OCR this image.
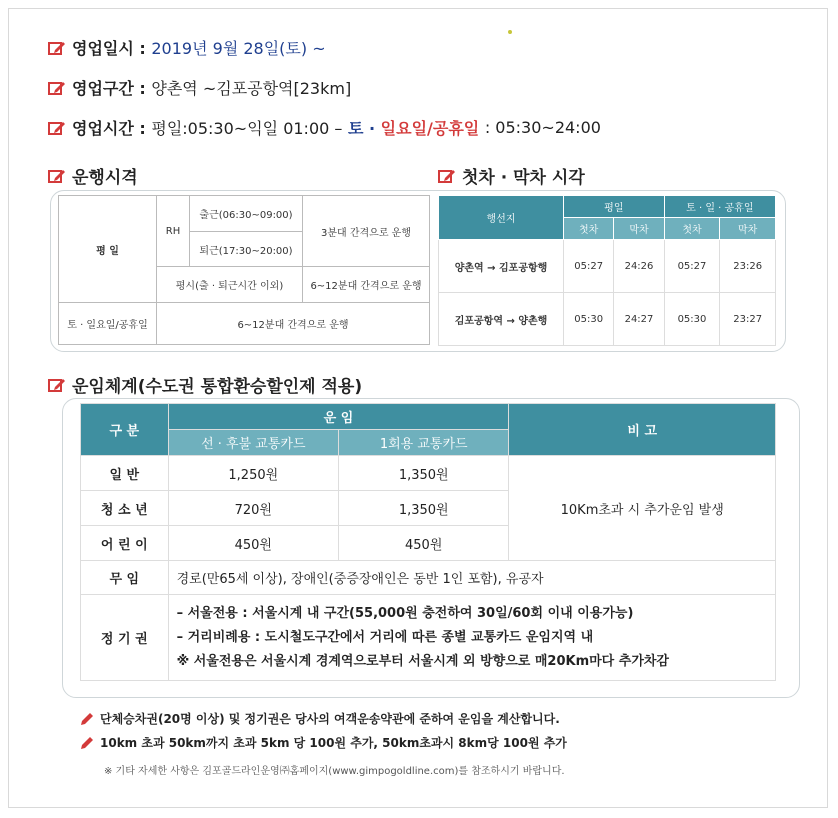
영업일시 :
2019년 9월 28일(토) ~
영업구간 :
양촌역 ~김포공항역[23km]
영업시간 :
평일:05:30~익일 01:00 –
토 ·
일요일/공휴일
: 05:30~24:00
운행시격	첫차 · 막차 시각
평 일	RH	출근(06:30~09:00)	3분대 간격으로 운행
		퇴근(17:30~20:00)	
	평시(출 · 퇴근시간 이외)		6~12분대 간격으로 운행
토 · 일요일/공휴일	6~12분대 간격으로 운행		
행선지	평일		토 · 일 · 공휴일	
	첫차	막차	첫차	막차
양촌역 → 김포공항행	05:27	24:26	05:27	23:26
김포공항역 → 양촌행	05:30	24:27	05:30	23:27
운임체계(수도권 통합환승할인제 적용)
구 분	운 임		비 고
	선 · 후불 교통카드	1회용 교통카드	
일 반	1,250원	1,350원	10Km초과 시 추가운임 발생
청 소 년	720원	1,350원	
어 린 이	450원	450원	
무 임	경로(만65세 이상), 장애인(중증장애인은 동반 1인 포함), 유공자		
정 기 권	– 서울전용 : 서울시계 내 구간(55,000원 충전하여 30일/60회 이내 이용가능)
– 거리비례용 : 도시철도구간에서 거리에 따른 종별 교통카드 운임지역 내
※ 서울전용은 서울시계 경계역으로부터 서울시계 외 방향으로 매20Km마다 추가차감		
단체승차권(20명 이상) 및 정기권은 당사의 여객운송약관에 준하여 운임을 계산합니다.
10km 초과 50km까지 초과 5km 당 100원 추가, 50km초과시 8km당 100원 추가
※ 기타 자세한 사항은 김포골드라인운영㈜홈페이지(www.gimpogoldline.com)를 참조하시기 바랍니다.
